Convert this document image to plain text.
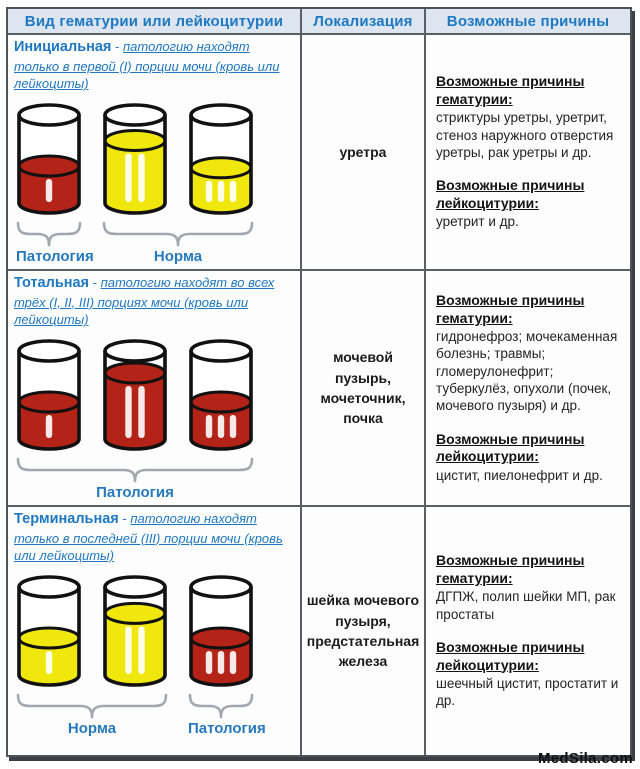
Вид гематурии или лейкоцитурии Локализация Возможные причины
Инициальная - патологию находят только в первой (I) порции мочи (кровь или лейкоциты)
Патология	Норма
уретра
Возможные причины гематурии:
стриктуры уретры, уретрит, стеноз наружного отверстия уретры, рак уретры и др.
Возможные причины лейкоцитурии:
уретрит и др.
Тотальная - патологию находят во всех трёх (I, II, III) порциях мочи (кровь или лейкоциты)
Патология
мочевой пузырь, мочеточник, почка
Возможные причины гематурии:
гидронефроз; мочекаменная болезнь; травмы; гломерулонефрит; туберкулёз, опухоли (почек, мочевого пузыря) и др.
Возможные причины лейкоцитурии:
цистит, пиелонефрит и др.
Терминальная - патологию находят только в последней (III) порции мочи (кровь или лейкоциты)
Норма	Патология
шейка мочевого пузыря, предстательная железа
Возможные причины гематурии:
ДГПЖ, полип шейки МП, рак простаты
Возможные причины лейкоцитурии:
шеечный цистит, простатит и др.
MedSila.com
